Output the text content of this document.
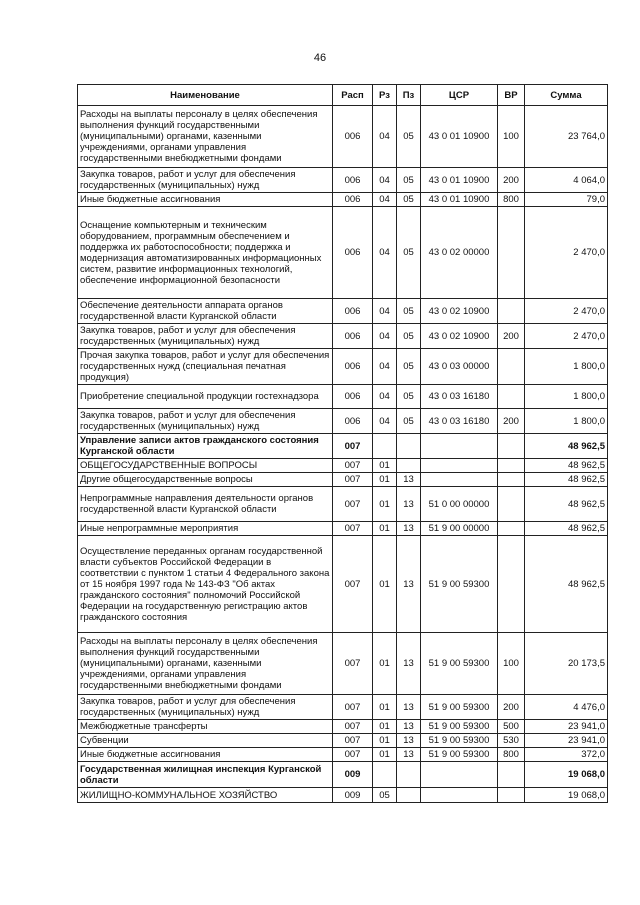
46
Наименование	Расп	Рз	Пз	ЦСР	ВР	Сумма
Расходы на выплаты персоналу в целях обеспечения выполнения функций государственными (муниципальными) органами, казенными учреждениями, органами управления государственными внебюджетными фондами	006	04	05	43 0 01 10900	100	23 764,0
Закупка товаров, работ и услуг для обеспечения государственных (муниципальных) нужд	006	04	05	43 0 01 10900	200	4 064,0
Иные бюджетные ассигнования	006	04	05	43 0 01 10900	800	79,0
Оснащение компьютерным и техническим оборудованием, программным обеспечением и поддержка их работоспособности; поддержка и модернизация автоматизированных информационных систем, развитие информационных технологий, обеспечение информационной безопасности	006	04	05	43 0 02 00000		2 470,0
Обеспечение деятельности аппарата органов государственной власти Курганской области	006	04	05	43 0 02 10900		2 470,0
Закупка товаров, работ и услуг для обеспечения государственных (муниципальных) нужд	006	04	05	43 0 02 10900	200	2 470,0
Прочая закупка товаров, работ и услуг для обеспечения государственных нужд (специальная печатная продукция)	006	04	05	43 0 03 00000		1 800,0
Приобретение специальной продукции гостехнадзора	006	04	05	43 0 03 16180		1 800,0
Закупка товаров, работ и услуг для обеспечения государственных (муниципальных) нужд	006	04	05	43 0 03 16180	200	1 800,0
Управление записи актов гражданского состояния Курганской области	007					48 962,5
ОБЩЕГОСУДАРСТВЕННЫЕ ВОПРОСЫ	007	01				48 962,5
Другие общегосударственные вопросы	007	01	13			48 962,5
Непрограммные направления деятельности органов государственной власти Курганской области	007	01	13	51 0 00 00000		48 962,5
Иные непрограммные мероприятия	007	01	13	51 9 00 00000		48 962,5
Осуществление переданных органам государственной власти субъектов Российской Федерации в соответствии с пунктом 1 статьи 4 Федерального закона от 15 ноября 1997 года № 143-ФЗ "Об актах гражданского состояния" полномочий Российской Федерации на государственную регистрацию актов гражданского состояния	007	01	13	51 9 00 59300		48 962,5
Расходы на выплаты персоналу в целях обеспечения выполнения функций государственными (муниципальными) органами, казенными учреждениями, органами управления государственными внебюджетными фондами	007	01	13	51 9 00 59300	100	20 173,5
Закупка товаров, работ и услуг для обеспечения государственных (муниципальных) нужд	007	01	13	51 9 00 59300	200	4 476,0
Межбюджетные трансферты	007	01	13	51 9 00 59300	500	23 941,0
Субвенции	007	01	13	51 9 00 59300	530	23 941,0
Иные бюджетные ассигнования	007	01	13	51 9 00 59300	800	372,0
Государственная жилищная инспекция Курганской области	009					19 068,0
ЖИЛИЩНО-КОММУНАЛЬНОЕ ХОЗЯЙСТВО	009	05				19 068,0
